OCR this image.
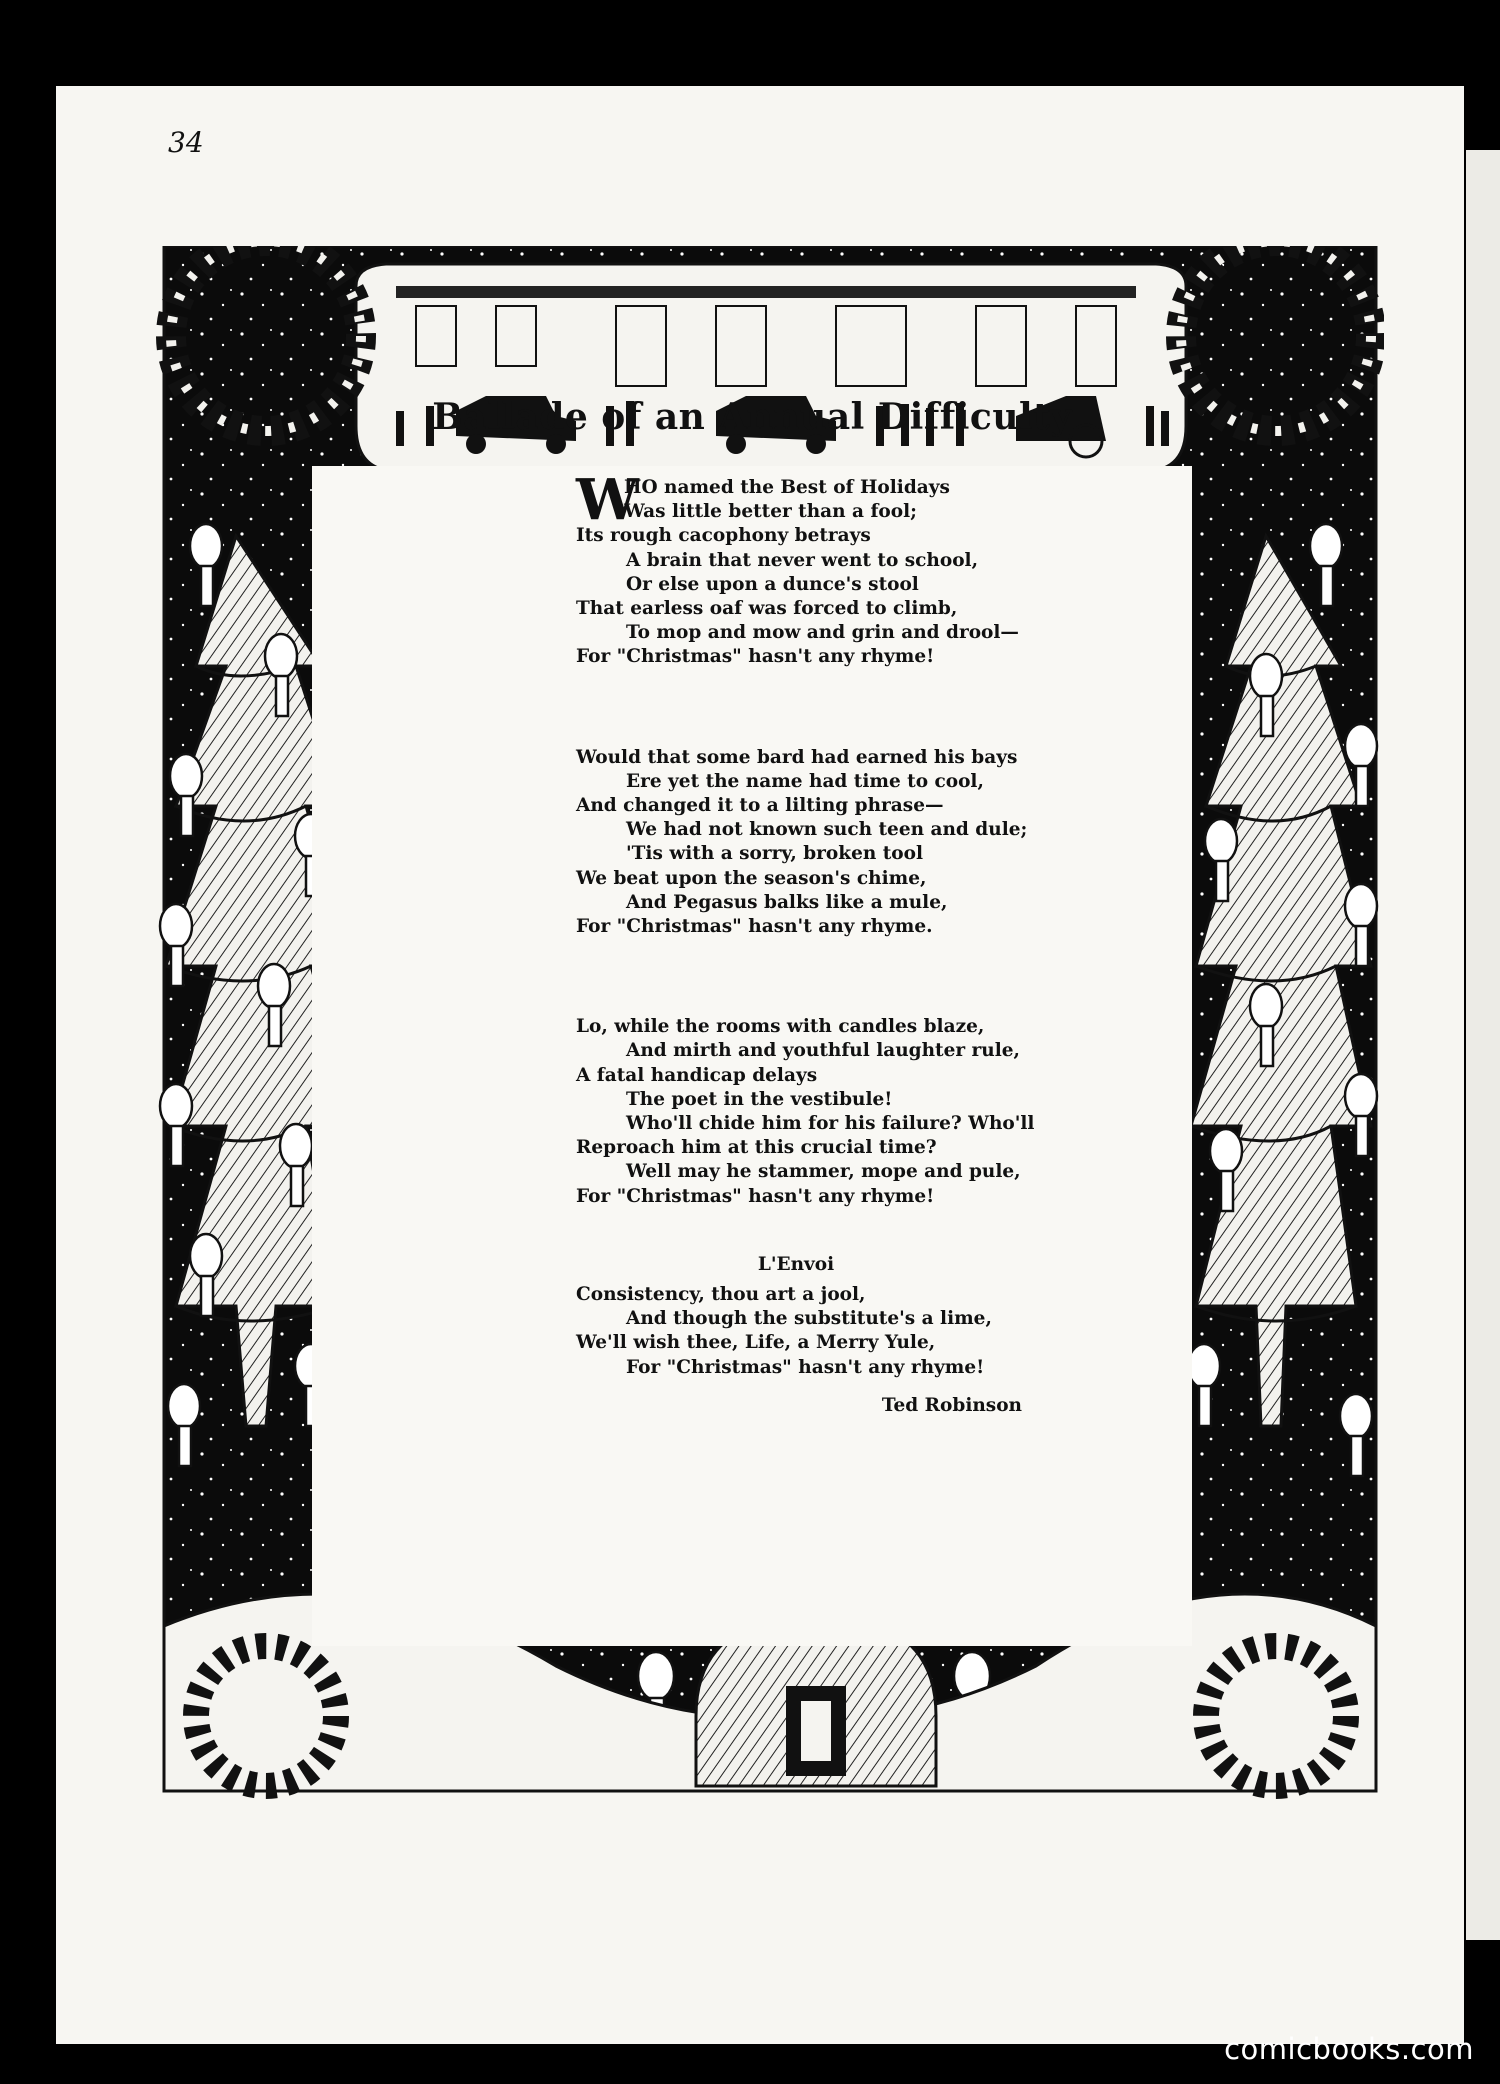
34
Ballade of an Annual Difficulty
W
HO named the Best of Holidays
Was little better than a fool;
Its rough cacophony betrays
A brain that never went to school,
Or else upon a dunce's stool
That earless oaf was forced to climb,
To mop and mow and grin and drool—
For "Christmas" hasn't any rhyme!
Would that some bard had earned his bays
Ere yet the name had time to cool,
And changed it to a lilting phrase—
We had not known such teen and dule;
'Tis with a sorry, broken tool
We beat upon the season's chime,
And Pegasus balks like a mule,
For "Christmas" hasn't any rhyme.
Lo, while the rooms with candles blaze,
And mirth and youthful laughter rule,
A fatal handicap delays
The poet in the vestibule!
Who'll chide him for his failure? Who'll
Reproach him at this crucial time?
Well may he stammer, mope and pule,
For "Christmas" hasn't any rhyme!
L'Envoi
Consistency, thou art a jool,
And though the substitute's a lime,
We'll wish thee, Life, a Merry Yule,
For "Christmas" hasn't any rhyme!
Ted Robinson
comicbooks.com
